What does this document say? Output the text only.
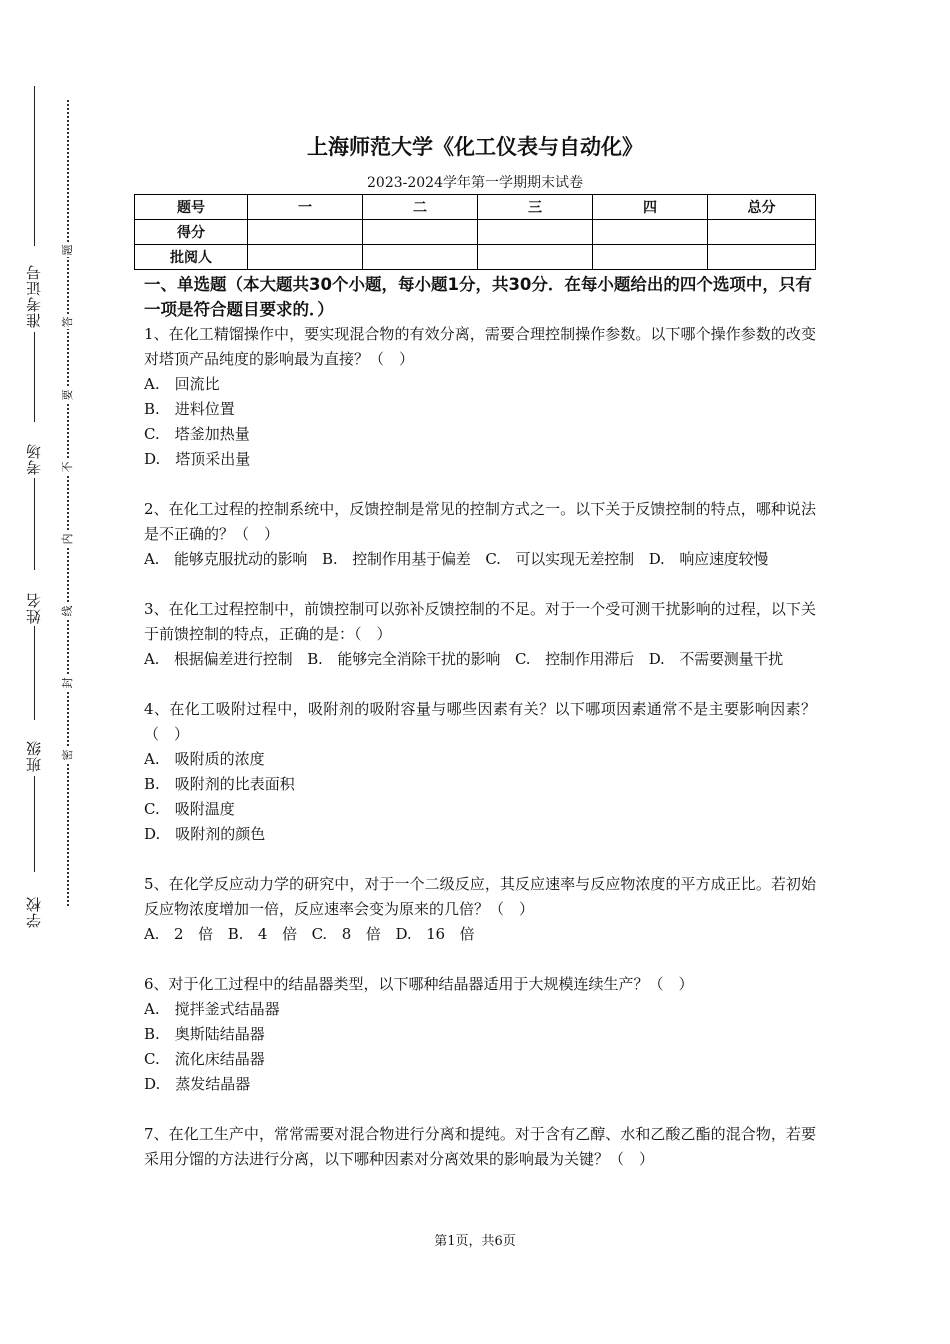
准考证号
考场
姓名
班级
学校
题
答
要
不
内
线
封
密
上海师范大学《化工仪表与自动化》
2023-2024学年第一学期期末试卷
题号	一	二	三	四	总分
得分					
批阅人					
一、单选题（本大题共30个小题，每小题1分，共30分．在每小题给出的四个选项中，只有一项是符合题目要求的．）
1、在化工精馏操作中，要实现混合物的有效分离，需要合理控制操作参数。以下哪个操作参数的改变对塔顶产品纯度的影响最为直接？（　）
A.　回流比
B.　进料位置
C.　塔釜加热量
D.　塔顶采出量
2、在化工过程的控制系统中，反馈控制是常见的控制方式之一。以下关于反馈控制的特点，哪种说法是不正确的？（　）
A.　能够克服扰动的影响　B.　控制作用基于偏差　C.　可以实现无差控制　D.　响应速度较慢
3、在化工过程控制中，前馈控制可以弥补反馈控制的不足。对于一个受可测干扰影响的过程，以下关于前馈控制的特点，正确的是：（　）
A.　根据偏差进行控制　B.　能够完全消除干扰的影响　C.　控制作用滞后　D.　不需要测量干扰
4、在化工吸附过程中，吸附剂的吸附容量与哪些因素有关？以下哪项因素通常不是主要影响因素？（　）
A.　吸附质的浓度
B.　吸附剂的比表面积
C.　吸附温度
D.　吸附剂的颜色
5、在化学反应动力学的研究中，对于一个二级反应，其反应速率与反应物浓度的平方成正比。若初始反应物浓度增加一倍，反应速率会变为原来的几倍？（　）
A.　2　倍　B.　4　倍　C.　8　倍　D.　16　倍
6、对于化工过程中的结晶器类型，以下哪种结晶器适用于大规模连续生产？（　）
A.　搅拌釜式结晶器
B.　奥斯陆结晶器
C.　流化床结晶器
D.　蒸发结晶器
7、在化工生产中，常常需要对混合物进行分离和提纯。对于含有乙醇、水和乙酸乙酯的混合物，若要采用分馏的方法进行分离，以下哪种因素对分离效果的影响最为关键？（　）
第1页，共6页
